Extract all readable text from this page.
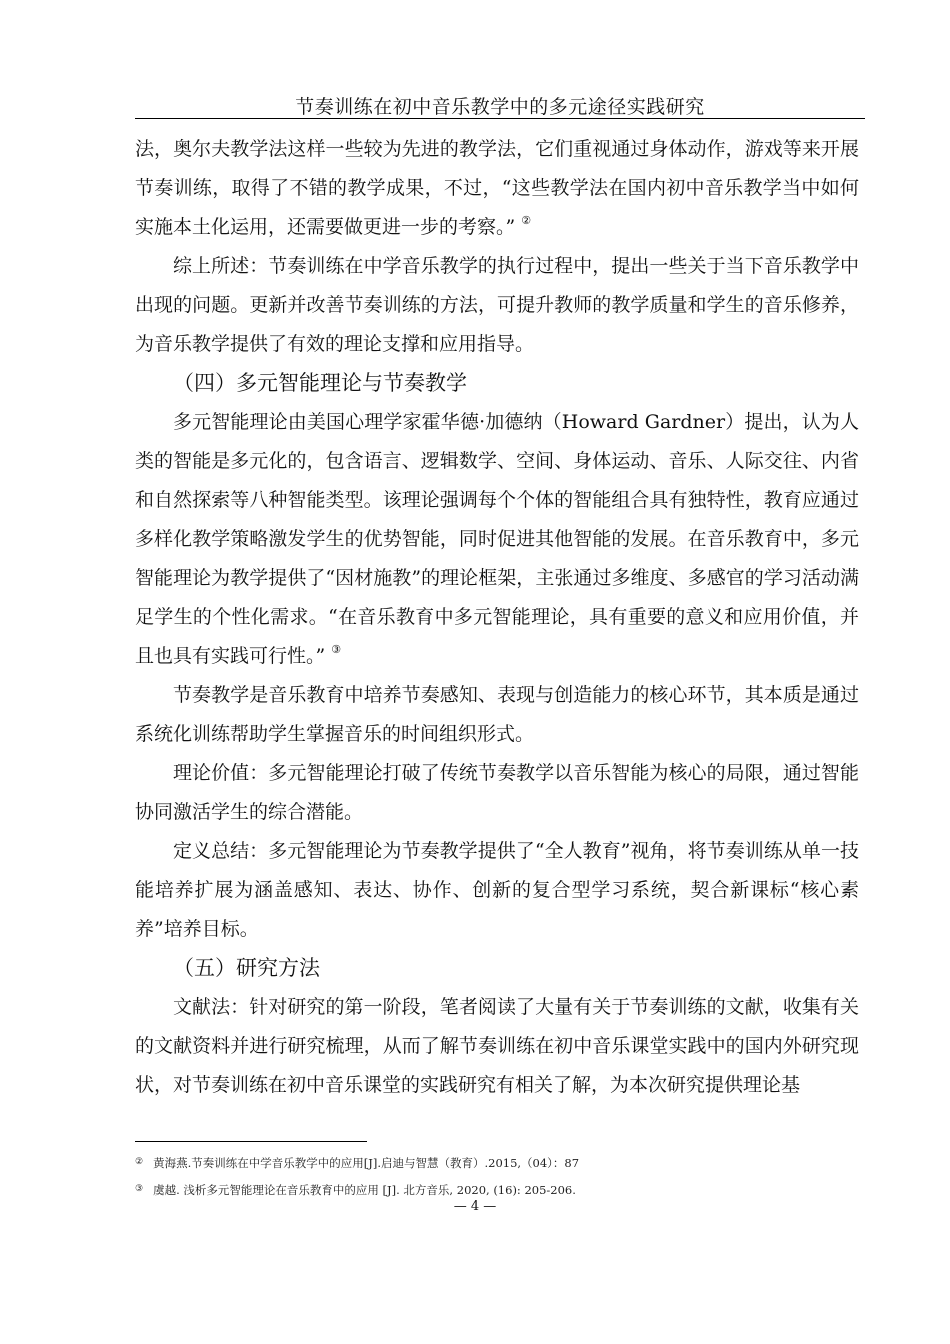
节奏训练在初中音乐教学中的多元途径实践研究

法，奥尔夫教学法这样一些较为先进的教学法，它们重视通过身体动作，游戏等来开展节奏训练，取得了不错的教学成果，不过，“这些教学法在国内初中音乐教学当中如何实施本土化运用，还需要做更进一步的考察。” ②

综上所述：节奏训练在中学音乐教学的执行过程中，提出一些关于当下音乐教学中出现的问题。更新并改善节奏训练的方法，可提升教师的教学质量和学生的音乐修养，为音乐教学提供了有效的理论支撑和应用指导。

（四）多元智能理论与节奏教学

多元智能理论由美国心理学家霍华德·加德纳（Howard Gardner）提出，认为人类的智能是多元化的，包含语言、逻辑数学、空间、身体运动、音乐、人际交往、内省和自然探索等八种智能类型。该理论强调每个个体的智能组合具有独特性，教育应通过多样化教学策略激发学生的优势智能，同时促进其他智能的发展。在音乐教育中，多元智能理论为教学提供了“因材施教”的理论框架，主张通过多维度、多感官的学习活动满足学生的个性化需求。“在音乐教育中多元智能理论，具有重要的意义和应用价值，并且也具有实践可行性。” ③

节奏教学是音乐教育中培养节奏感知、表现与创造能力的核心环节，其本质是通过系统化训练帮助学生掌握音乐的时间组织形式。

理论价值：多元智能理论打破了传统节奏教学以音乐智能为核心的局限，通过智能协同激活学生的综合潜能。

定义总结：多元智能理论为节奏教学提供了“全人教育”视角，将节奏训练从单一技能培养扩展为涵盖感知、表达、协作、创新的复合型学习系统，契合新课标“核心素养”培养目标。

（五）研究方法

文献法：针对研究的第一阶段，笔者阅读了大量有关于节奏训练的文献，收集有关的文献资料并进行研究梳理，从而了解节奏训练在初中音乐课堂实践中的国内外研究现状，对节奏训练在初中音乐课堂的实践研究有相关了解，为本次研究提供理论基

② 黄海燕.节奏训练在中学音乐教学中的应用[J].启迪与智慧（教育）.2015,（04）：87

③ 虞越. 浅析多元智能理论在音乐教育中的应用 [J]. 北方音乐, 2020, (16): 205-206.

— 4 —
